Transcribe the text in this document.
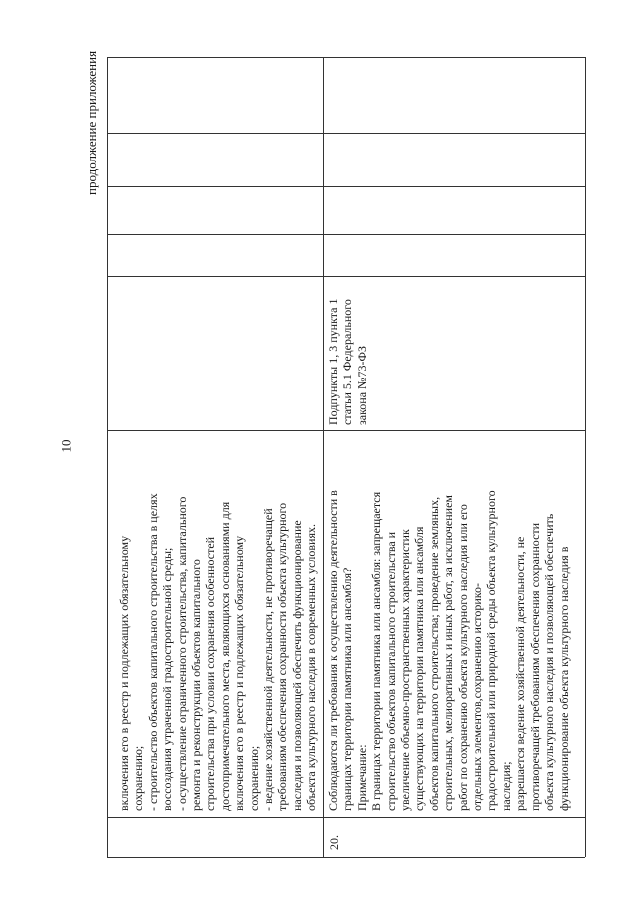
10
продолжение приложения
включения его в реестр и подлежащих обязательному сохранению; - строительство объектов капитального строительства в целях воссоздания утраченной градостроительной среды; - осуществление ограниченного строительства, капитального ремонта и реконструкции объектов капитального строительства при условии сохранения особенностей достопримечательного места, являющихся основаниями для включения его в реестр и подлежащих обязательному сохранению; - ведение хозяйственной деятельности, не противоречащей требованиям обеспечения сохранности объекта культурного наследия и позволяющей обеспечить функционирование объекта культурного наследия в современных условиях.
20.
Соблюдаются ли требования к осуществлению деятельности в границах территории памятника или ансамбля? Примечание: В границах территории памятника или ансамбля: запрещается строительство объектов капитального строительства и увеличение объемно-пространственных характеристик существующих на территории памятника или ансамбля объектов капитального строительства; проведение земляных, строительных, мелиоративных и иных работ, за исключением работ по сохранению объекта культурного наследия или его отдельных элементов,сохранению историко- градостроительной или природной среды объекта культурного наследия; разрешается ведение хозяйственной деятельности, не противоречащей требованиям обеспечения сохранности объекта культурного наследия и позволяющей обеспечить функционирование объекта культурного наследия в
Подпункты 1, 3 пункта 1 статьи 5.1 Федерального закона №73-ФЗ
